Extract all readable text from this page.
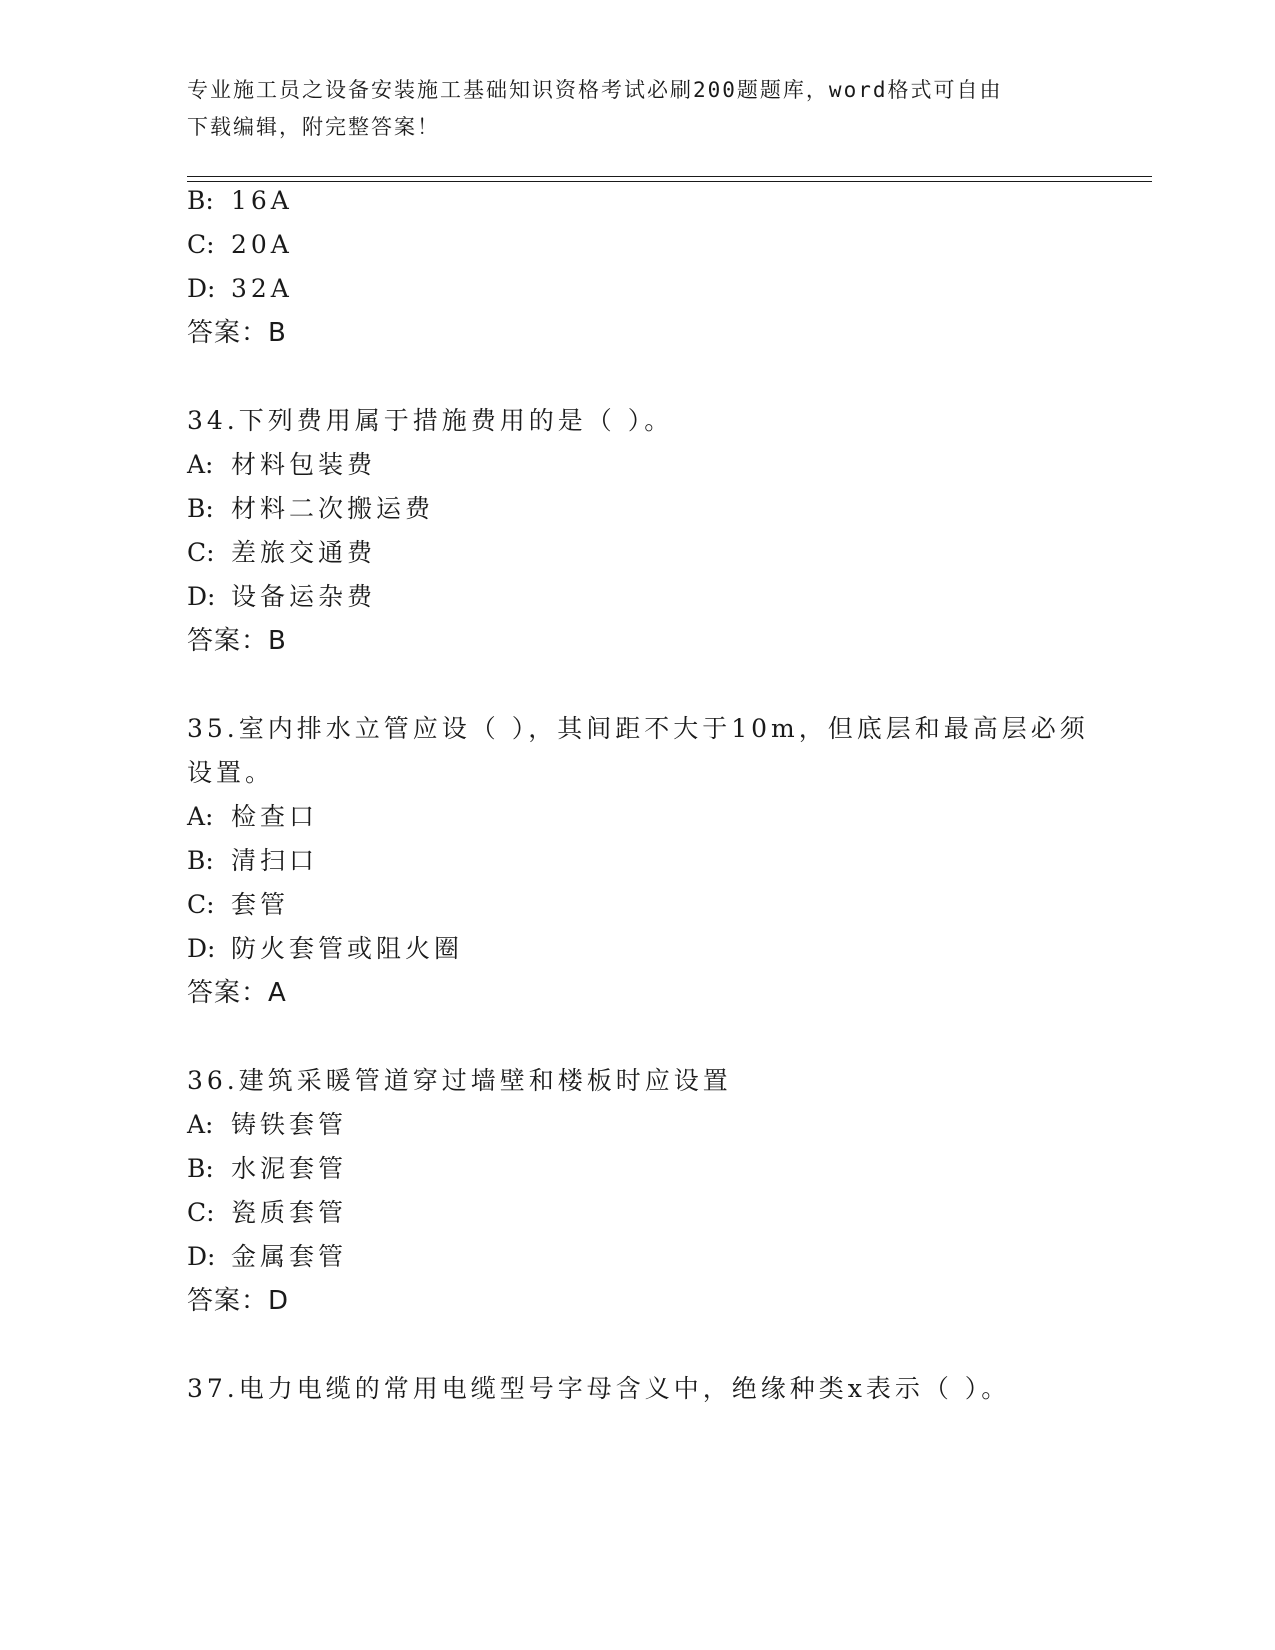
专业施工员之设备安装施工基础知识资格考试必刷200题题库，word格式可自由
下载编辑，附完整答案！
B: 16A
C: 20A
D: 32A
答案：B
34.下列费用属于措施费用的是（ ）。
A: 材料包装费
B: 材料二次搬运费
C: 差旅交通费
D: 设备运杂费
答案：B
35.室内排水立管应设（ ），其间距不大于10m，但底层和最高层必须
设置。
A: 检查口
B: 清扫口
C: 套管
D: 防火套管或阻火圈
答案：A
36.建筑采暖管道穿过墙壁和楼板时应设置
A: 铸铁套管
B: 水泥套管
C: 瓷质套管
D: 金属套管
答案：D
37.电力电缆的常用电缆型号字母含义中，绝缘种类x表示（ ）。
